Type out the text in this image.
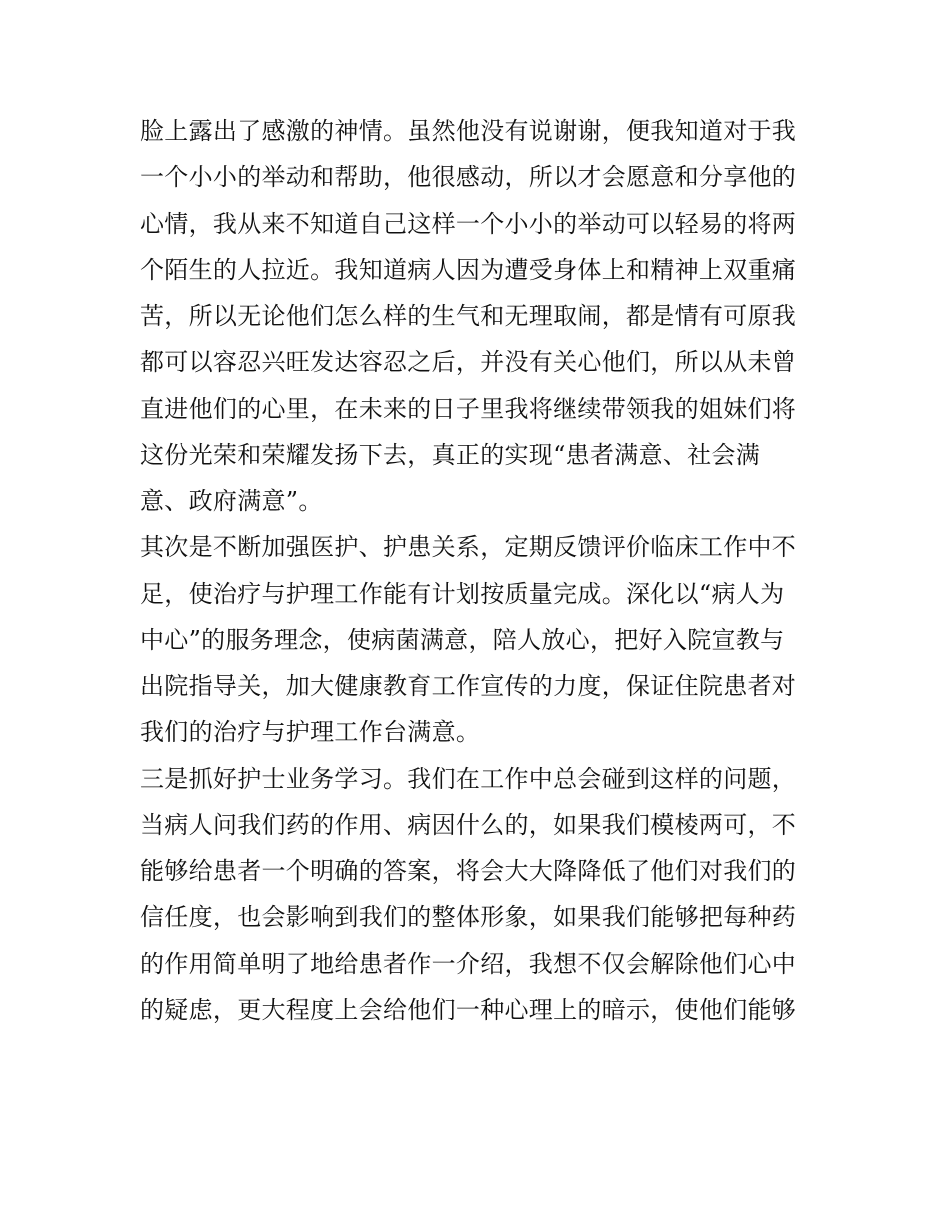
脸上露出了感激的神情。虽然他没有说谢谢，便我知道对于我
一个小小的举动和帮助，他很感动，所以才会愿意和分享他的
心情，我从来不知道自己这样一个小小的举动可以轻易的将两
个陌生的人拉近。我知道病人因为遭受身体上和精神上双重痛
苦，所以无论他们怎么样的生气和无理取闹，都是情有可原我
都可以容忍兴旺发达容忍之后，并没有关心他们，所以从未曾
直进他们的心里，在未来的日子里我将继续带领我的姐妹们将
这份光荣和荣耀发扬下去，真正的实现“患者满意、社会满
意、政府满意”。
其次是不断加强医护、护患关系，定期反馈评价临床工作中不
足，使治疗与护理工作能有计划按质量完成。深化以“病人为
中心”的服务理念，使病菌满意，陪人放心，把好入院宣教与
出院指导关，加大健康教育工作宣传的力度，保证住院患者对
我们的治疗与护理工作台满意。
三是抓好护士业务学习。我们在工作中总会碰到这样的问题，
当病人问我们药的作用、病因什么的，如果我们模棱两可，不
能够给患者一个明确的答案，将会大大降降低了他们对我们的
信任度，也会影响到我们的整体形象，如果我们能够把每种药
的作用简单明了地给患者作一介绍，我想不仅会解除他们心中
的疑虑，更大程度上会给他们一种心理上的暗示，使他们能够
